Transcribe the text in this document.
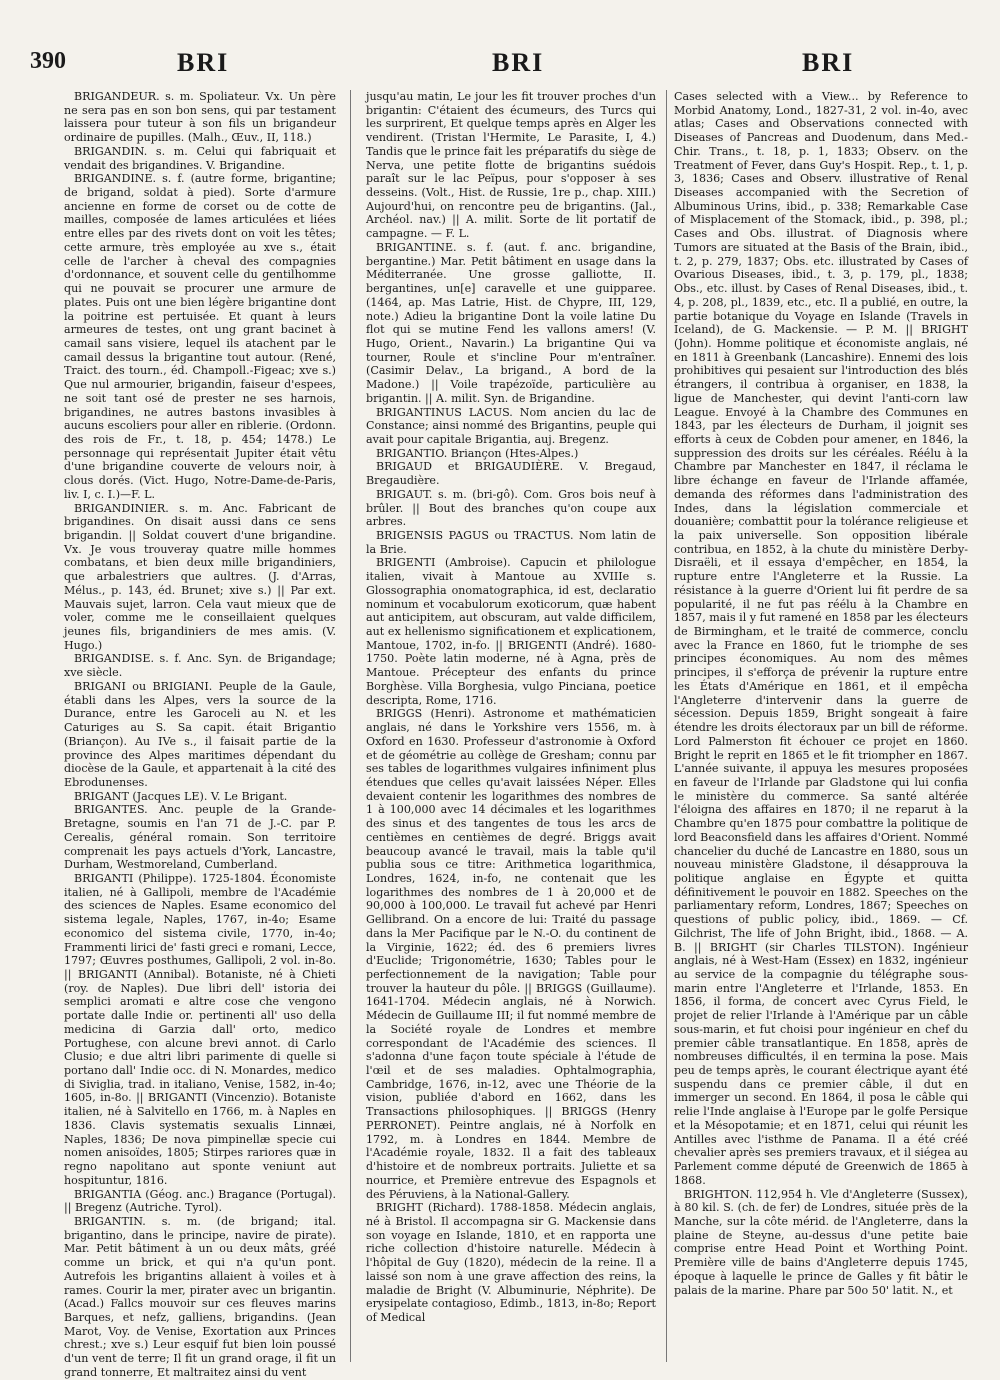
390	BRI	BRI	BRI

BRIGANDEUR. s. m. Spoliateur. Vx. Un père ne sera pas en son bon sens, qui par testament laissera pour tuteur à son fils un brigandeur ordinaire de pupilles. (Malh., Œuv., II, 118.)

BRIGANDIN. s. m. Celui qui fabriquait et vendait des brigandines. V. Brigandine.

BRIGANDINE. s. f. (autre forme, brigantine; de brigand, soldat à pied). Sorte d'armure ancienne en forme de corset ou de cotte de mailles, composée de lames articulées et liées entre elles par des rivets dont on voit les têtes; cette armure, très employée au xve s., était celle de l'archer à cheval des compagnies d'ordonnance, et souvent celle du gentilhomme qui ne pouvait se procurer une armure de plates. Puis ont une bien légère brigantine dont la poitrine est pertuisée. Et quant à leurs armeures de testes, ont ung grant bacinet à camail sans visiere, lequel ils atachent par le camail dessus la brigantine tout autour. (René, Traict. des tourn., éd. Champoll.-Figeac; xve s.) Que nul armourier, brigandin, faiseur d'espees, ne soit tant osé de prester ne ses harnois, brigandines, ne autres bastons invasibles à aucuns escoliers pour aller en riblerie. (Ordonn. des rois de Fr., t. 18, p. 454; 1478.) Le personnage qui représentait Jupiter était vêtu d'une brigandine couverte de velours noir, à clous dorés. (Vict. Hugo, Notre-Dame-de-Paris, liv. I, c. I.)—F. L.

BRIGANDINIER. s. m. Anc. Fabricant de brigandines. On disait aussi dans ce sens brigandin. || Soldat couvert d'une brigandine. Vx. Je vous trouveray quatre mille hommes combatans, et bien deux mille brigandiniers, que arbalestriers que aultres. (J. d'Arras, Mélus., p. 143, éd. Brunet; xive s.) || Par ext. Mauvais sujet, larron. Cela vaut mieux que de voler, comme me le conseillaient quelques jeunes fils, brigandiniers de mes amis. (V. Hugo.)

BRIGANDISE. s. f. Anc. Syn. de Brigandage; xve siècle.

BRIGANI ou BRIGIANI. Peuple de la Gaule, établi dans les Alpes, vers la source de la Durance, entre les Garoceli au N. et les Caturiges au S. Sa capit. était Brigantio (Briançon). Au IVe s., il faisait partie de la province des Alpes maritimes dépendant du diocèse de la Gaule, et appartenait à la cité des Ebrodunenses.

BRIGANT (Jacques LE). V. Le Brigant.

BRIGANTES. Anc. peuple de la Grande-Bretagne, soumis en l'an 71 de J.-C. par P. Cerealis, général romain. Son territoire comprenait les pays actuels d'York, Lancastre, Durham, Westmoreland, Cumberland.

BRIGANTI (Philippe). 1725-1804. Économiste italien, né à Gallipoli, membre de l'Académie des sciences de Naples. Esame economico del sistema legale, Naples, 1767, in-4o; Esame economico del sistema civile, 1770, in-4o; Frammenti lirici de' fasti greci e romani, Lecce, 1797; Œuvres posthumes, Gallipoli, 2 vol. in-8o. || BRIGANTI (Annibal). Botaniste, né à Chieti (roy. de Naples). Due libri dell' istoria dei semplici aromati e altre cose che vengono portate dalle Indie or. pertinenti all' uso della medicina di Garzia dall' orto, medico Portughese, con alcune brevi annot. di Carlo Clusio; e due altri libri parimente di quelle si portano dall' Indie occ. di N. Monardes, medico di Siviglia, trad. in italiano, Venise, 1582, in-4o; 1605, in-8o. || BRIGANTI (Vincenzio). Botaniste italien, né à Salvitello en 1766, m. à Naples en 1836. Clavis systematis sexualis Linnæi, Naples, 1836; De nova pimpinellæ specie cui nomen anisoïdes, 1805; Stirpes rariores quæ in regno napolitano aut sponte veniunt aut hospituntur, 1816.

BRIGANTIA (Géog. anc.) Bragance (Portugal). || Bregenz (Autriche. Tyrol).

BRIGANTIN. s. m. (de brigand; ital. brigantino, dans le principe, navire de pirate). Mar. Petit bâtiment à un ou deux mâts, gréé comme un brick, et qui n'a qu'un pont. Autrefois les brigantins allaient à voiles et à rames. Courir la mer, pirater avec un brigantin. (Acad.) Fallcs mouvoir sur ces fleuves marins Barques, et nefz, galliens, brigandins. (Jean Marot, Voy. de Venise, Exortation aux Princes chrest.; xve s.) Leur esquif fut bien loin poussé d'un vent de terre; Il fit un grand orage, il fit un grand tonnerre, Et maltraitez ainsi du vent

jusqu'au matin, Le jour les fit trouver proches d'un brigantin: C'étaient des écumeurs, des Turcs qui les surprirent, Et quelque temps après en Alger les vendirent. (Tristan l'Hermite, Le Parasite, I, 4.) Tandis que le prince fait les préparatifs du siège de Nerva, une petite flotte de brigantins suédois paraît sur le lac Peïpus, pour s'opposer à ses desseins. (Volt., Hist. de Russie, 1re p., chap. XIII.) Aujourd'hui, on rencontre peu de brigantins. (Jal., Archéol. nav.) || A. milit. Sorte de lit portatif de campagne. — F. L.

BRIGANTINE. s. f. (aut. f. anc. brigandine, bergantine.) Mar. Petit bâtiment en usage dans la Méditerranée. Une grosse galliotte, II. bergantines, un[e] caravelle et une guipparee. (1464, ap. Mas Latrie, Hist. de Chypre, III, 129, note.) Adieu la brigantine Dont la voile latine Du flot qui se mutine Fend les vallons amers! (V. Hugo, Orient., Navarin.) La brigantine Qui va tourner, Roule et s'incline Pour m'entraîner. (Casimir Delav., La brigand., A bord de la Madone.) || Voile trapézoïde, particulière au brigantin. || A. milit. Syn. de Brigandine.

BRIGANTINUS LACUS. Nom ancien du lac de Constance; ainsi nommé des Brigantins, peuple qui avait pour capitale Brigantia, auj. Bregenz.

BRIGANTIO. Briançon (Htes-Alpes.)

BRIGAUD et BRIGAUDIÈRE. V. Bregaud, Bregaudière.

BRIGAUT. s. m. (bri-gô). Com. Gros bois neuf à brûler. || Bout des branches qu'on coupe aux arbres.

BRIGENSIS PAGUS ou TRACTUS. Nom latin de la Brie.

BRIGENTI (Ambroise). Capucin et philologue italien, vivait à Mantoue au XVIIIe s. Glossographia onomatographica, id est, declaratio nominum et vocabulorum exoticorum, quæ habent aut anticipitem, aut obscuram, aut valde difficilem, aut ex hellenismo significationem et explicationem, Mantoue, 1702, in-fo. || BRIGENTI (André). 1680-1750. Poète latin moderne, né à Agna, près de Mantoue. Précepteur des enfants du prince Borghèse. Villa Borghesia, vulgo Pinciana, poetice descripta, Rome, 1716.

BRIGGS (Henri). Astronome et mathématicien anglais, né dans le Yorkshire vers 1556, m. à Oxford en 1630. Professeur d'astronomie à Oxford et de géométrie au collège de Gresham; connu par ses tables de logarithmes vulgaires infiniment plus étendues que celles qu'avait laissées Néper. Elles devaient contenir les logarithmes des nombres de 1 à 100,000 avec 14 décimales et les logarithmes des sinus et des tangentes de tous les arcs de centièmes en centièmes de degré. Briggs avait beaucoup avancé le travail, mais la table qu'il publia sous ce titre: Arithmetica logarithmica, Londres, 1624, in-fo, ne contenait que les logarithmes des nombres de 1 à 20,000 et de 90,000 à 100,000. Le travail fut achevé par Henri Gellibrand. On a encore de lui: Traité du passage dans la Mer Pacifique par le N.-O. du continent de la Virginie, 1622; éd. des 6 premiers livres d'Euclide; Trigonométrie, 1630; Tables pour le perfectionnement de la navigation; Table pour trouver la hauteur du pôle. || BRIGGS (Guillaume). 1641-1704. Médecin anglais, né à Norwich. Médecin de Guillaume III; il fut nommé membre de la Société royale de Londres et membre correspondant de l'Académie des sciences. Il s'adonna d'une façon toute spéciale à l'étude de l'œil et de ses maladies. Ophtalmographia, Cambridge, 1676, in-12, avec une Théorie de la vision, publiée d'abord en 1662, dans les Transactions philosophiques. || BRIGGS (Henry PERRONET). Peintre anglais, né à Norfolk en 1792, m. à Londres en 1844. Membre de l'Académie royale, 1832. Il a fait des tableaux d'histoire et de nombreux portraits. Juliette et sa nourrice, et Première entrevue des Espagnols et des Péruviens, à la National-Gallery.

BRIGHT (Richard). 1788-1858. Médecin anglais, né à Bristol. Il accompagna sir G. Mackensie dans son voyage en Islande, 1810, et en rapporta une riche collection d'histoire naturelle. Médecin à l'hôpital de Guy (1820), médecin de la reine. Il a laissé son nom à une grave affection des reins, la maladie de Bright (V. Albuminurie, Néphrite). De erysipelate contagioso, Edimb., 1813, in-8o; Report of Medical

Cases selected with a View... by Reference to Morbid Anatomy, Lond., 1827-31, 2 vol. in-4o, avec atlas; Cases and Observations connected with Diseases of Pancreas and Duodenum, dans Med.-Chir. Trans., t. 18, p. 1, 1833; Observ. on the Treatment of Fever, dans Guy's Hospit. Rep., t. 1, p. 3, 1836; Cases and Observ. illustrative of Renal Diseases accompanied with the Secretion of Albuminous Urins, ibid., p. 338; Remarkable Case of Misplacement of the Stomack, ibid., p. 398, pl.; Cases and Obs. illustrat. of Diagnosis where Tumors are situated at the Basis of the Brain, ibid., t. 2, p. 279, 1837; Obs. etc. illustrated by Cases of Ovarious Diseases, ibid., t. 3, p. 179, pl., 1838; Obs., etc. illust. by Cases of Renal Diseases, ibid., t. 4, p. 208, pl., 1839, etc., etc. Il a publié, en outre, la partie botanique du Voyage en Islande (Travels in Iceland), de G. Mackensie. — P. M. || BRIGHT (John). Homme politique et économiste anglais, né en 1811 à Greenbank (Lancashire). Ennemi des lois prohibitives qui pesaient sur l'introduction des blés étrangers, il contribua à organiser, en 1838, la ligue de Manchester, qui devint l'anti-corn law League. Envoyé à la Chambre des Communes en 1843, par les électeurs de Durham, il joignit ses efforts à ceux de Cobden pour amener, en 1846, la suppression des droits sur les céréales. Réélu à la Chambre par Manchester en 1847, il réclama le libre échange en faveur de l'Irlande affamée, demanda des réformes dans l'administration des Indes, dans la législation commerciale et douanière; combattit pour la tolérance religieuse et la paix universelle. Son opposition libérale contribua, en 1852, à la chute du ministère Derby-Disraëli, et il essaya d'empêcher, en 1854, la rupture entre l'Angleterre et la Russie. La résistance à la guerre d'Orient lui fit perdre de sa popularité, il ne fut pas réélu à la Chambre en 1857, mais il y fut ramené en 1858 par les électeurs de Birmingham, et le traité de commerce, conclu avec la France en 1860, fut le triomphe de ses principes économiques. Au nom des mêmes principes, il s'efforça de prévenir la rupture entre les États d'Amérique en 1861, et il empêcha l'Angleterre d'intervenir dans la guerre de sécession. Depuis 1859, Bright songeait à faire étendre les droits électoraux par un bill de réforme. Lord Palmerston fit échouer ce projet en 1860. Bright le reprit en 1865 et le fit triompher en 1867. L'année suivante, il appuya les mesures proposées en faveur de l'Irlande par Gladstone qui lui confia le ministère du commerce. Sa santé altérée l'éloigna des affaires en 1870; il ne reparut à la Chambre qu'en 1875 pour combattre la politique de lord Beaconsfield dans les affaires d'Orient. Nommé chancelier du duché de Lancastre en 1880, sous un nouveau ministère Gladstone, il désapprouva la politique anglaise en Égypte et quitta définitivement le pouvoir en 1882. Speeches on the parliamentary reform, Londres, 1867; Speeches on questions of public policy, ibid., 1869. — Cf. Gilchrist, The life of John Bright, ibid., 1868. — A. B. || BRIGHT (sir Charles TILSTON). Ingénieur anglais, né à West-Ham (Essex) en 1832, ingénieur au service de la compagnie du télégraphe sous-marin entre l'Angleterre et l'Irlande, 1853. En 1856, il forma, de concert avec Cyrus Field, le projet de relier l'Irlande à l'Amérique par un câble sous-marin, et fut choisi pour ingénieur en chef du premier câble transatlantique. En 1858, après de nombreuses difficultés, il en termina la pose. Mais peu de temps après, le courant électrique ayant été suspendu dans ce premier câble, il dut en immerger un second. En 1864, il posa le câble qui relie l'Inde anglaise à l'Europe par le golfe Persique et la Mésopotamie; et en 1871, celui qui réunit les Antilles avec l'isthme de Panama. Il a été créé chevalier après ses premiers travaux, et il siégea au Parlement comme député de Greenwich de 1865 à 1868.

BRIGHTON. 112,954 h. Vle d'Angleterre (Sussex), à 80 kil. S. (ch. de fer) de Londres, située près de la Manche, sur la côte mérid. de l'Angleterre, dans la plaine de Steyne, au-dessus d'une petite baie comprise entre Head Point et Worthing Point. Première ville de bains d'Angleterre depuis 1745, époque à laquelle le prince de Galles y fit bâtir le palais de la marine. Phare par 50o 50' latit. N., et
